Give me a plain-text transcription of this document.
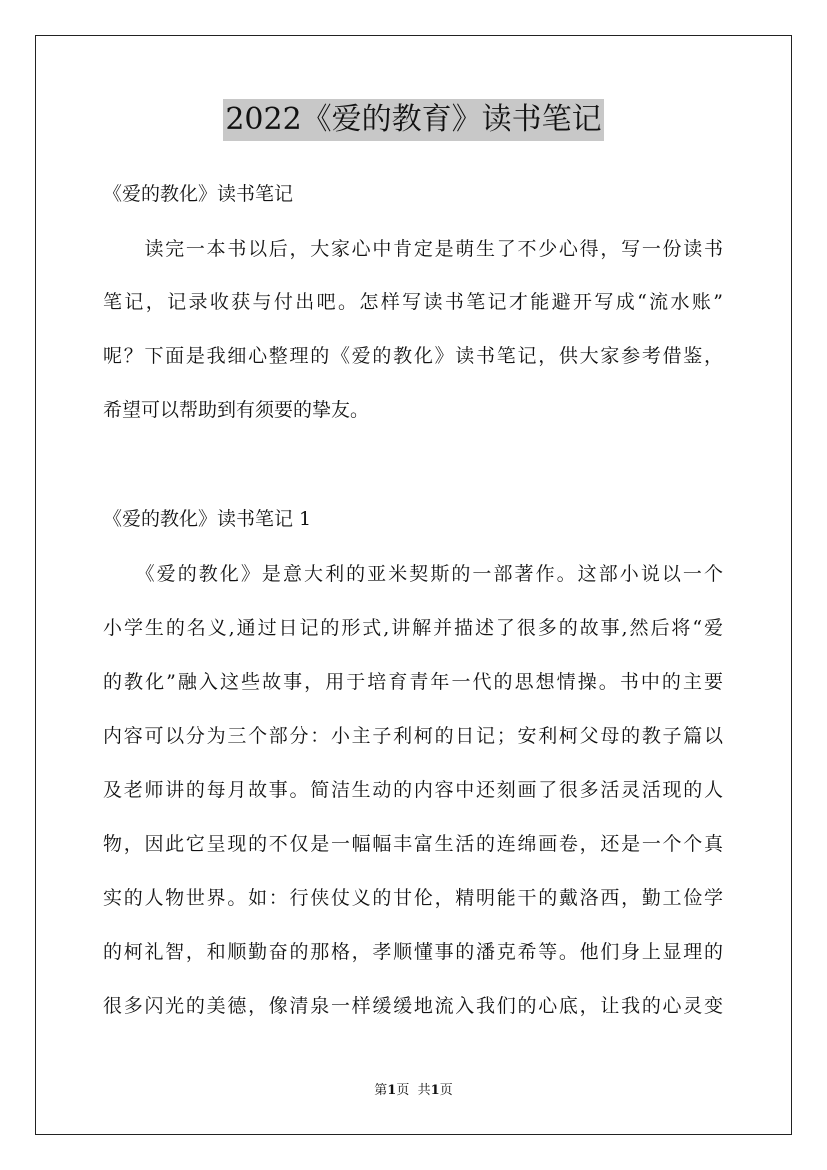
2022《爱的教育》读书笔记
《爱的教化》读书笔记
　　读完一本书以后，大家心中肯定是萌生了不少心得，写一份读书
笔记，记录收获与付出吧。怎样写读书笔记才能避开写成“流水账”
呢？下面是我细心整理的《爱的教化》读书笔记，供大家参考借鉴，
希望可以帮助到有须要的挚友。
《爱的教化》读书笔记 1
　　《爱的教化》是意大利的亚米契斯的一部著作。这部小说以一个
小学生的名义,通过日记的形式,讲解并描述了很多的故事,然后将“爱
的教化”融入这些故事，用于培育青年一代的思想情操。书中的主要
内容可以分为三个部分：小主子利柯的日记；安利柯父母的教子篇以
及老师讲的每月故事。简洁生动的内容中还刻画了很多活灵活现的人
物，因此它呈现的不仅是一幅幅丰富生活的连绵画卷，还是一个个真
实的人物世界。如：行侠仗义的甘伦，精明能干的戴洛西，勤工俭学
的柯礼智，和顺勤奋的那格，孝顺懂事的潘克希等。他们身上显理的
很多闪光的美德，像清泉一样缓缓地流入我们的心底，让我的心灵变
第1页 共1页
